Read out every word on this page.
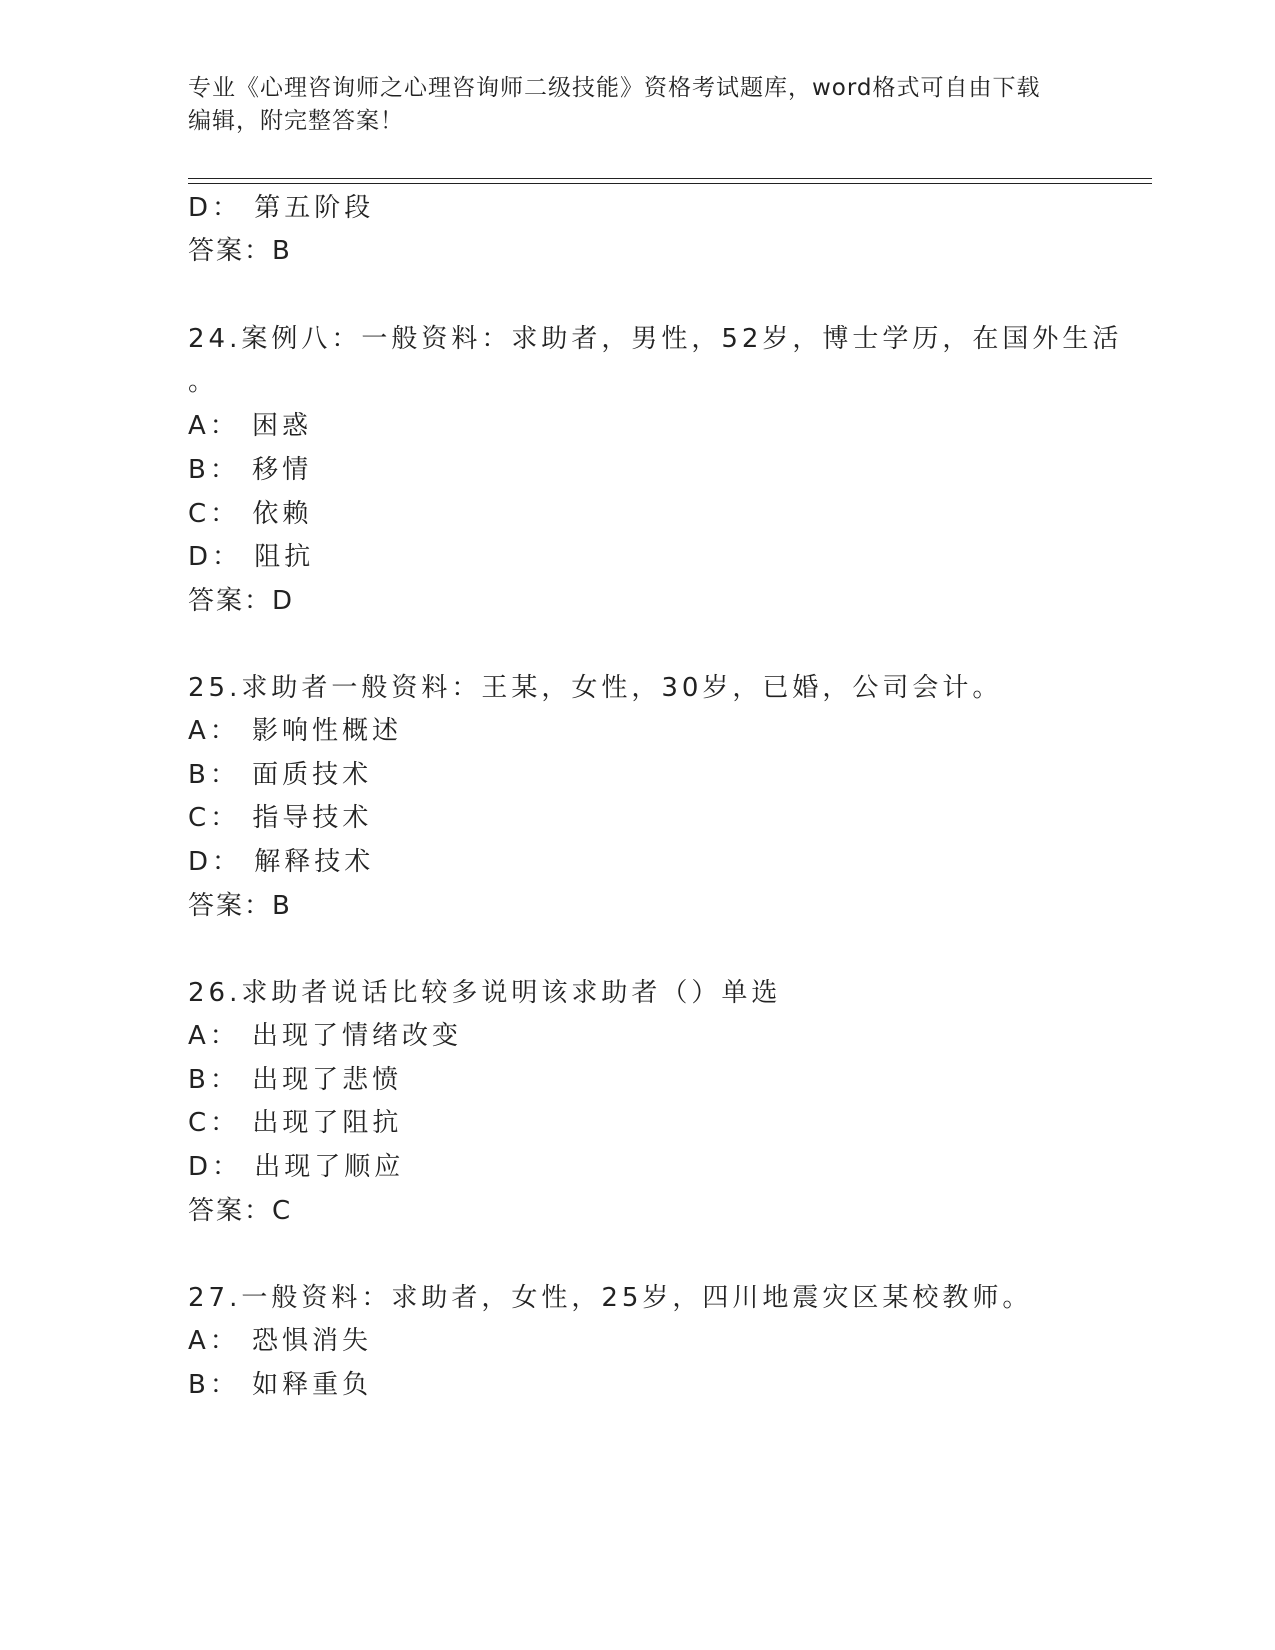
专业《心理咨询师之心理咨询师二级技能》资格考试题库，word格式可自由下载
编辑，附完整答案！
D： 第五阶段
答案：B
24.案例八：一般资料：求助者，男性，52岁，博士学历，在国外生活
。
A： 困惑
B： 移情
C： 依赖
D： 阻抗
答案：D
25.求助者一般资料：王某，女性，30岁，已婚，公司会计。
A： 影响性概述
B： 面质技术
C： 指导技术
D： 解释技术
答案：B
26.求助者说话比较多说明该求助者（）单选
A： 出现了情绪改变
B： 出现了悲愤
C： 出现了阻抗
D： 出现了顺应
答案：C
27.一般资料：求助者，女性，25岁，四川地震灾区某校教师。
A： 恐惧消失
B： 如释重负
